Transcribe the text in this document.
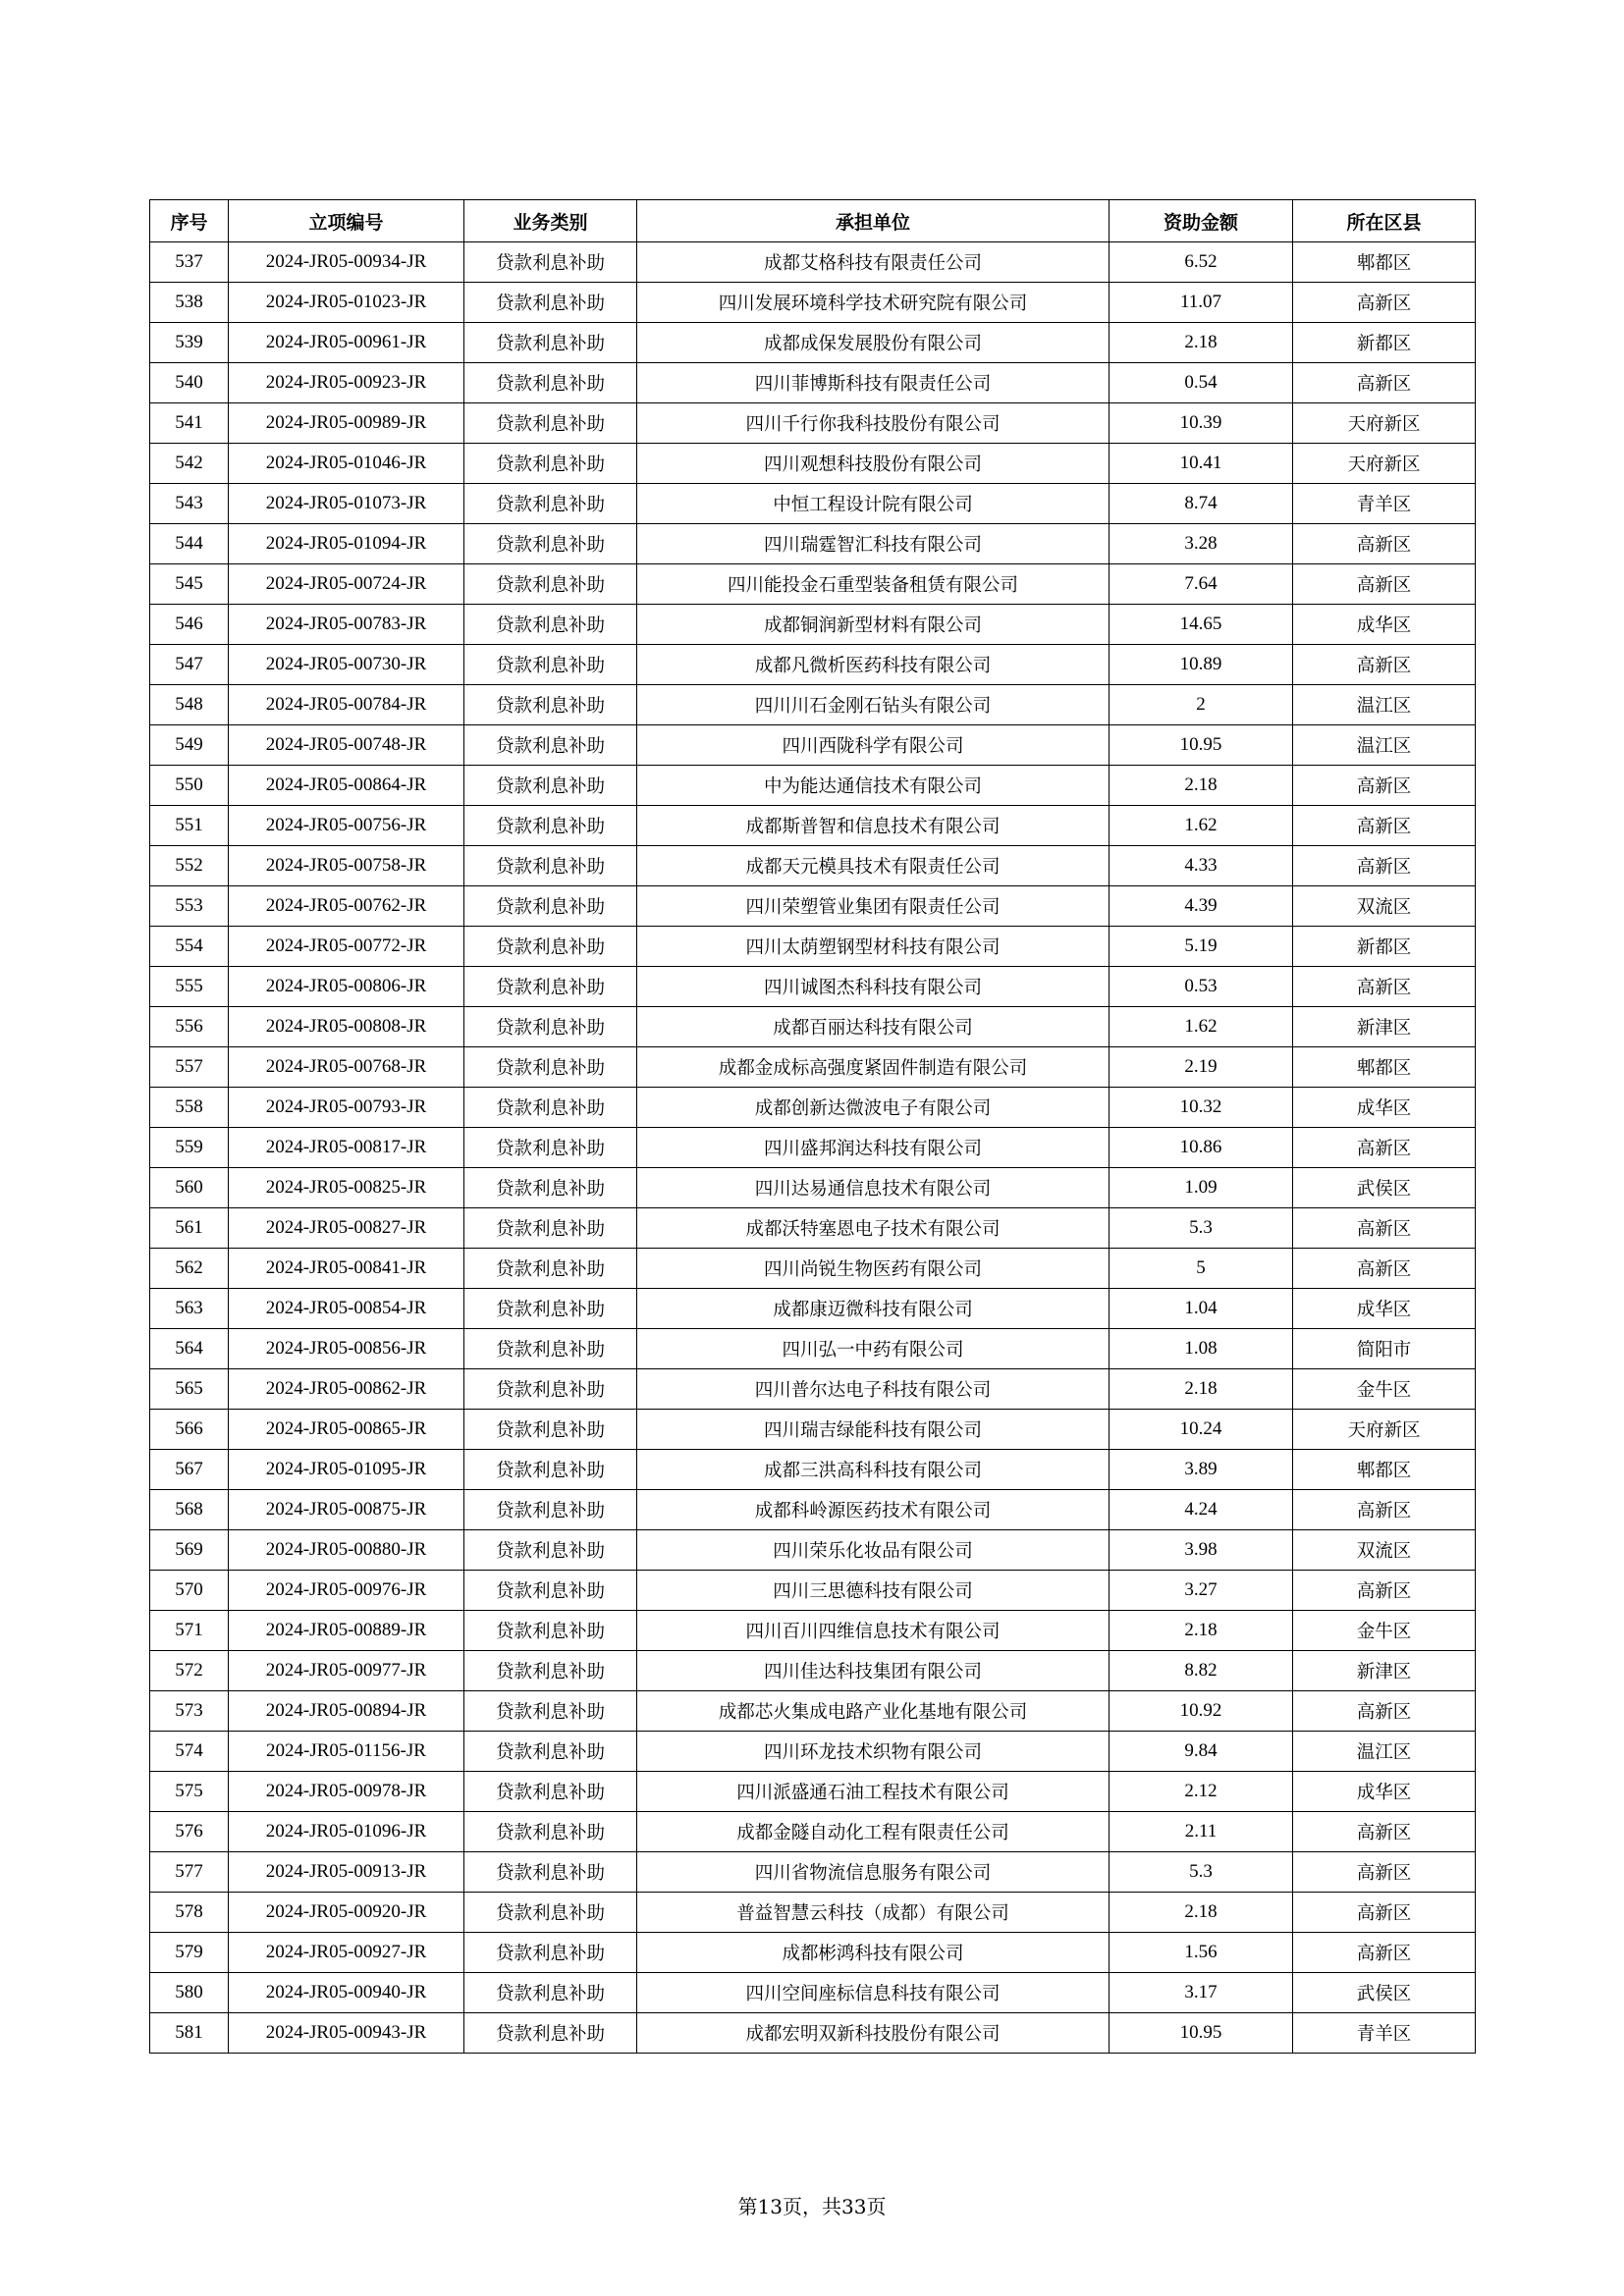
序号	立项编号	业务类别	承担单位	资助金额	所在区县
537	2024-JR05-00934-JR	贷款利息补助	成都艾格科技有限责任公司	6.52	郫都区
538	2024-JR05-01023-JR	贷款利息补助	四川发展环境科学技术研究院有限公司	11.07	高新区
539	2024-JR05-00961-JR	贷款利息补助	成都成保发展股份有限公司	2.18	新都区
540	2024-JR05-00923-JR	贷款利息补助	四川菲博斯科技有限责任公司	0.54	高新区
541	2024-JR05-00989-JR	贷款利息补助	四川千行你我科技股份有限公司	10.39	天府新区
542	2024-JR05-01046-JR	贷款利息补助	四川观想科技股份有限公司	10.41	天府新区
543	2024-JR05-01073-JR	贷款利息补助	中恒工程设计院有限公司	8.74	青羊区
544	2024-JR05-01094-JR	贷款利息补助	四川瑞霆智汇科技有限公司	3.28	高新区
545	2024-JR05-00724-JR	贷款利息补助	四川能投金石重型装备租赁有限公司	7.64	高新区
546	2024-JR05-00783-JR	贷款利息补助	成都铜润新型材料有限公司	14.65	成华区
547	2024-JR05-00730-JR	贷款利息补助	成都凡微析医药科技有限公司	10.89	高新区
548	2024-JR05-00784-JR	贷款利息补助	四川川石金刚石钻头有限公司	2	温江区
549	2024-JR05-00748-JR	贷款利息补助	四川西陇科学有限公司	10.95	温江区
550	2024-JR05-00864-JR	贷款利息补助	中为能达通信技术有限公司	2.18	高新区
551	2024-JR05-00756-JR	贷款利息补助	成都斯普智和信息技术有限公司	1.62	高新区
552	2024-JR05-00758-JR	贷款利息补助	成都天元模具技术有限责任公司	4.33	高新区
553	2024-JR05-00762-JR	贷款利息补助	四川荣塑管业集团有限责任公司	4.39	双流区
554	2024-JR05-00772-JR	贷款利息补助	四川太荫塑钢型材科技有限公司	5.19	新都区
555	2024-JR05-00806-JR	贷款利息补助	四川诚图杰科科技有限公司	0.53	高新区
556	2024-JR05-00808-JR	贷款利息补助	成都百丽达科技有限公司	1.62	新津区
557	2024-JR05-00768-JR	贷款利息补助	成都金成标高强度紧固件制造有限公司	2.19	郫都区
558	2024-JR05-00793-JR	贷款利息补助	成都创新达微波电子有限公司	10.32	成华区
559	2024-JR05-00817-JR	贷款利息补助	四川盛邦润达科技有限公司	10.86	高新区
560	2024-JR05-00825-JR	贷款利息补助	四川达易通信息技术有限公司	1.09	武侯区
561	2024-JR05-00827-JR	贷款利息补助	成都沃特塞恩电子技术有限公司	5.3	高新区
562	2024-JR05-00841-JR	贷款利息补助	四川尚锐生物医药有限公司	5	高新区
563	2024-JR05-00854-JR	贷款利息补助	成都康迈微科技有限公司	1.04	成华区
564	2024-JR05-00856-JR	贷款利息补助	四川弘一中药有限公司	1.08	简阳市
565	2024-JR05-00862-JR	贷款利息补助	四川普尔达电子科技有限公司	2.18	金牛区
566	2024-JR05-00865-JR	贷款利息补助	四川瑞吉绿能科技有限公司	10.24	天府新区
567	2024-JR05-01095-JR	贷款利息补助	成都三洪高科科技有限公司	3.89	郫都区
568	2024-JR05-00875-JR	贷款利息补助	成都科岭源医药技术有限公司	4.24	高新区
569	2024-JR05-00880-JR	贷款利息补助	四川荣乐化妆品有限公司	3.98	双流区
570	2024-JR05-00976-JR	贷款利息补助	四川三思德科技有限公司	3.27	高新区
571	2024-JR05-00889-JR	贷款利息补助	四川百川四维信息技术有限公司	2.18	金牛区
572	2024-JR05-00977-JR	贷款利息补助	四川佳达科技集团有限公司	8.82	新津区
573	2024-JR05-00894-JR	贷款利息补助	成都芯火集成电路产业化基地有限公司	10.92	高新区
574	2024-JR05-01156-JR	贷款利息补助	四川环龙技术织物有限公司	9.84	温江区
575	2024-JR05-00978-JR	贷款利息补助	四川派盛通石油工程技术有限公司	2.12	成华区
576	2024-JR05-01096-JR	贷款利息补助	成都金隧自动化工程有限责任公司	2.11	高新区
577	2024-JR05-00913-JR	贷款利息补助	四川省物流信息服务有限公司	5.3	高新区
578	2024-JR05-00920-JR	贷款利息补助	普益智慧云科技（成都）有限公司	2.18	高新区
579	2024-JR05-00927-JR	贷款利息补助	成都彬鸿科技有限公司	1.56	高新区
580	2024-JR05-00940-JR	贷款利息补助	四川空间座标信息科技有限公司	3.17	武侯区
581	2024-JR05-00943-JR	贷款利息补助	成都宏明双新科技股份有限公司	10.95	青羊区
第13页，共33页
